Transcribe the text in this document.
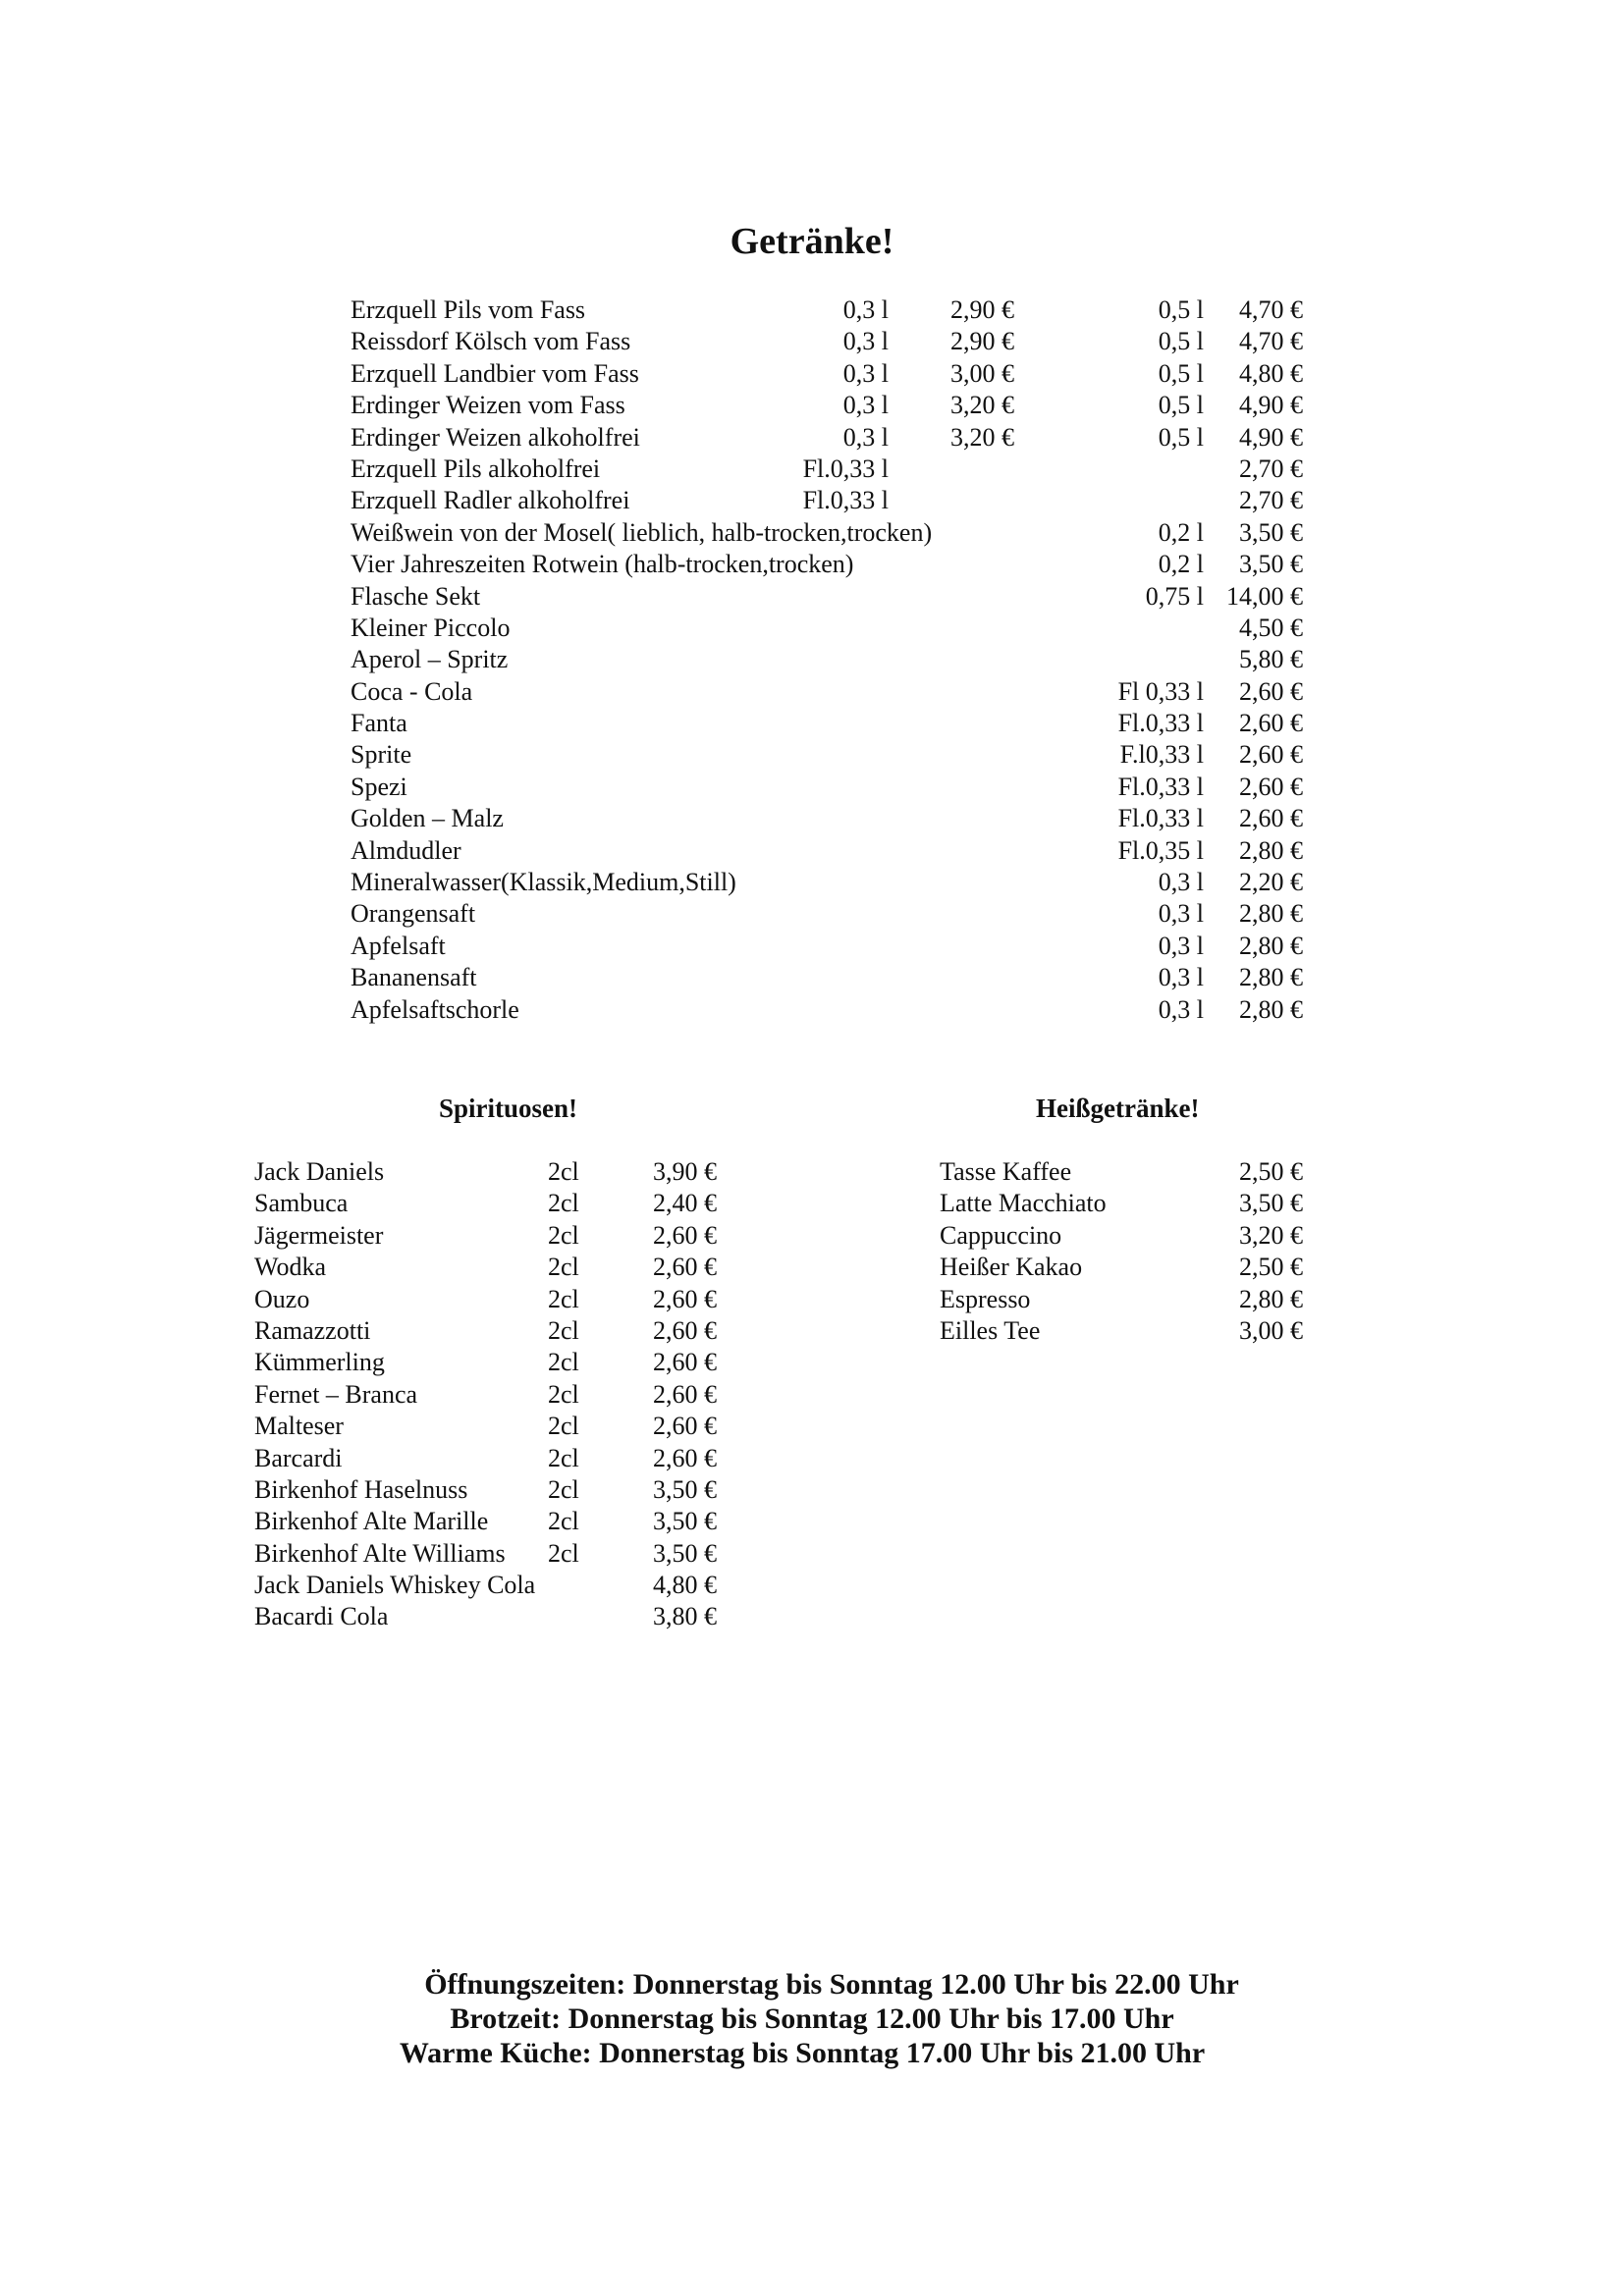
Getränke!
Erzquell Pils vom Fass	0,3 l 2,90 €	0,5 l 4,70 €
Reissdorf Kölsch vom Fass	0,3 l 2,90 €	0,5 l 4,70 €
Erzquell Landbier vom Fass	0,3 l 3,00 €	0,5 l 4,80 €
Erdinger Weizen vom Fass	0,3 l 3,20 €	0,5 l 4,90 €
Erdinger Weizen alkoholfrei	0,3 l 3,20 €	0,5 l 4,90 €
Erzquell Pils alkoholfrei	Fl.0,33 l	2,70 €
Erzquell Radler alkoholfrei	Fl.0,33 l	2,70 €
Weißwein von der Mosel( lieblich, halb-trocken,trocken)	0,2 l 3,50 €
Vier Jahreszeiten Rotwein (halb-trocken,trocken)	0,2 l 3,50 €
Flasche Sekt	0,75 l 14,00 €
Kleiner Piccolo	4,50 €
Aperol – Spritz	5,80 €
Coca - Cola	Fl 0,33 l 2,60 €
Fanta	Fl.0,33 l 2,60 €
Sprite	F.l0,33 l 2,60 €
Spezi	Fl.0,33 l 2,60 €
Golden – Malz	Fl.0,33 l 2,60 €
Almdudler	Fl.0,35 l 2,80 €
Mineralwasser(Klassik,Medium,Still)	0,3 l 2,20 €
Orangensaft	0,3 l 2,80 €
Apfelsaft	0,3 l 2,80 €
Bananensaft	0,3 l 2,80 €
Apfelsaftschorle	0,3 l 2,80 €
Spirituosen!	Heißgetränke!
Jack Daniels	2cl	3,90 €
Sambuca	2cl	2,40 €
Jägermeister	2cl	2,60 €
Wodka	2cl	2,60 €
Ouzo	2cl	2,60 €
Ramazzotti	2cl	2,60 €
Kümmerling	2cl	2,60 €
Fernet – Branca	2cl	2,60 €
Malteser	2cl	2,60 €
Barcardi	2cl	2,60 €
Birkenhof Haselnuss	2cl	3,50 €
Birkenhof Alte Marille 2cl	3,50 €
Birkenhof Alte Williams 2cl	3,50 €
Jack Daniels Whiskey Cola	4,80 €
Bacardi Cola	3,80 €
Tasse Kaffee	2,50 €
Latte Macchiato	3,50 €
Cappuccino	3,20 €
Heißer Kakao	2,50 €
Espresso	2,80 €
Eilles Tee	3,00 €
Öffnungszeiten: Donnerstag bis Sonntag 12.00 Uhr bis 22.00 Uhr
Brotzeit: Donnerstag bis Sonntag 12.00 Uhr bis 17.00 Uhr
Warme Küche: Donnerstag bis Sonntag 17.00 Uhr bis 21.00 Uhr
